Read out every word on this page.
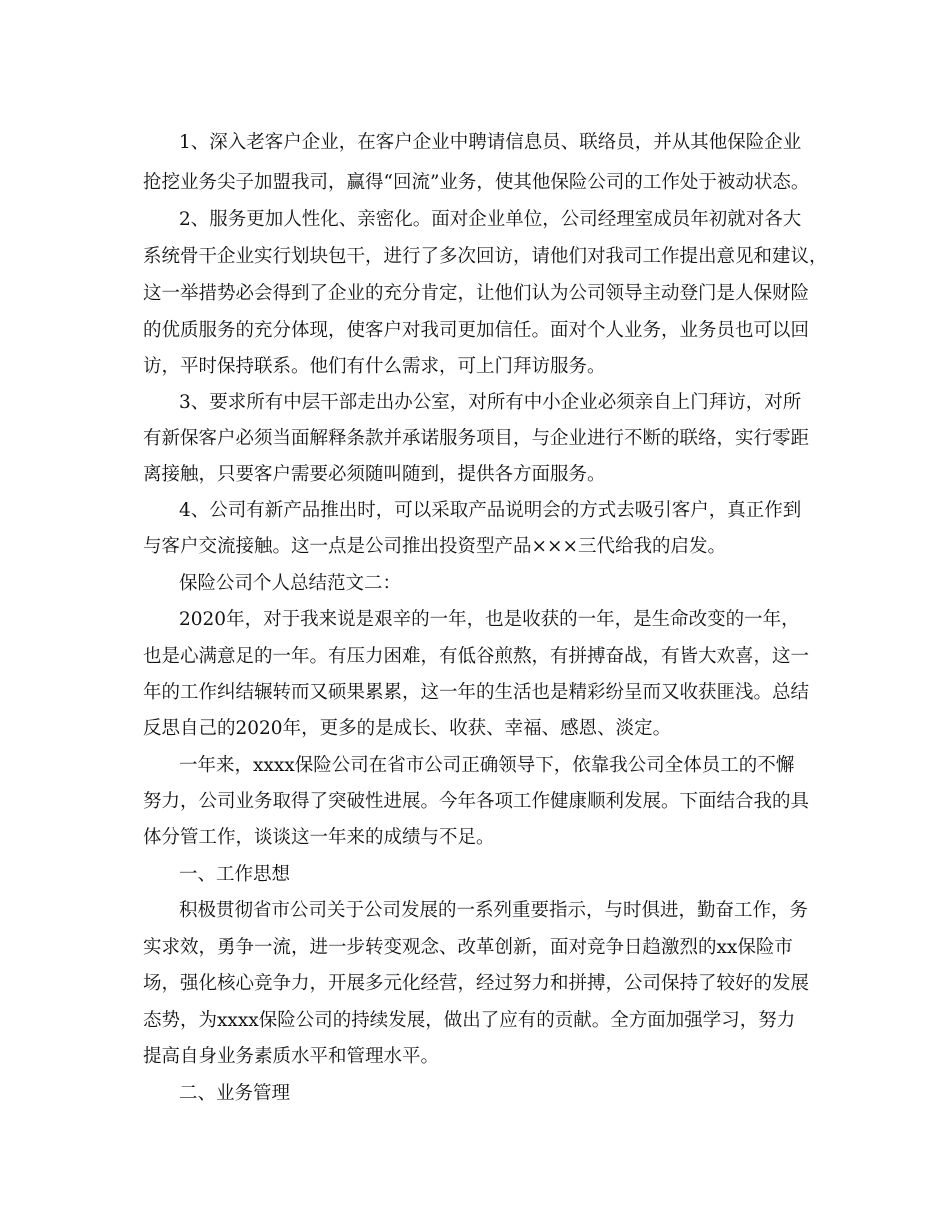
1、深入老客户企业，在客户企业中聘请信息员、联络员，并从其他保险企业
抢挖业务尖子加盟我司，赢得“回流”业务，使其他保险公司的工作处于被动状态。
2、服务更加人性化、亲密化。面对企业单位，公司经理室成员年初就对各大
系统骨干企业实行划块包干，进行了多次回访，请他们对我司工作提出意见和建议，
这一举措势必会得到了企业的充分肯定，让他们认为公司领导主动登门是人保财险
的优质服务的充分体现，使客户对我司更加信任。面对个人业务，业务员也可以回
访，平时保持联系。他们有什么需求，可上门拜访服务。
3、要求所有中层干部走出办公室，对所有中小企业必须亲自上门拜访，对所
有新保客户必须当面解释条款并承诺服务项目，与企业进行不断的联络，实行零距
离接触，只要客户需要必须随叫随到，提供各方面服务。
4、公司有新产品推出时，可以采取产品说明会的方式去吸引客户，真正作到
与客户交流接触。这一点是公司推出投资型产品×××三代给我的启发。
保险公司个人总结范文二：
2020年，对于我来说是艰辛的一年，也是收获的一年，是生命改变的一年，
也是心满意足的一年。有压力困难，有低谷煎熬，有拼搏奋战，有皆大欢喜，这一
年的工作纠结辗转而又硕果累累，这一年的生活也是精彩纷呈而又收获匪浅。总结
反思自己的2020年，更多的是成长、收获、幸福、感恩、淡定。
一年来，xxxx保险公司在省市公司正确领导下，依靠我公司全体员工的不懈
努力，公司业务取得了突破性进展。今年各项工作健康顺利发展。下面结合我的具
体分管工作，谈谈这一年来的成绩与不足。
一、工作思想
积极贯彻省市公司关于公司发展的一系列重要指示，与时俱进，勤奋工作，务
实求效，勇争一流，进一步转变观念、改革创新，面对竞争日趋激烈的xx保险市
场，强化核心竞争力，开展多元化经营，经过努力和拼搏，公司保持了较好的发展
态势，为xxxx保险公司的持续发展，做出了应有的贡献。全方面加强学习，努力
提高自身业务素质水平和管理水平。
二、业务管理
